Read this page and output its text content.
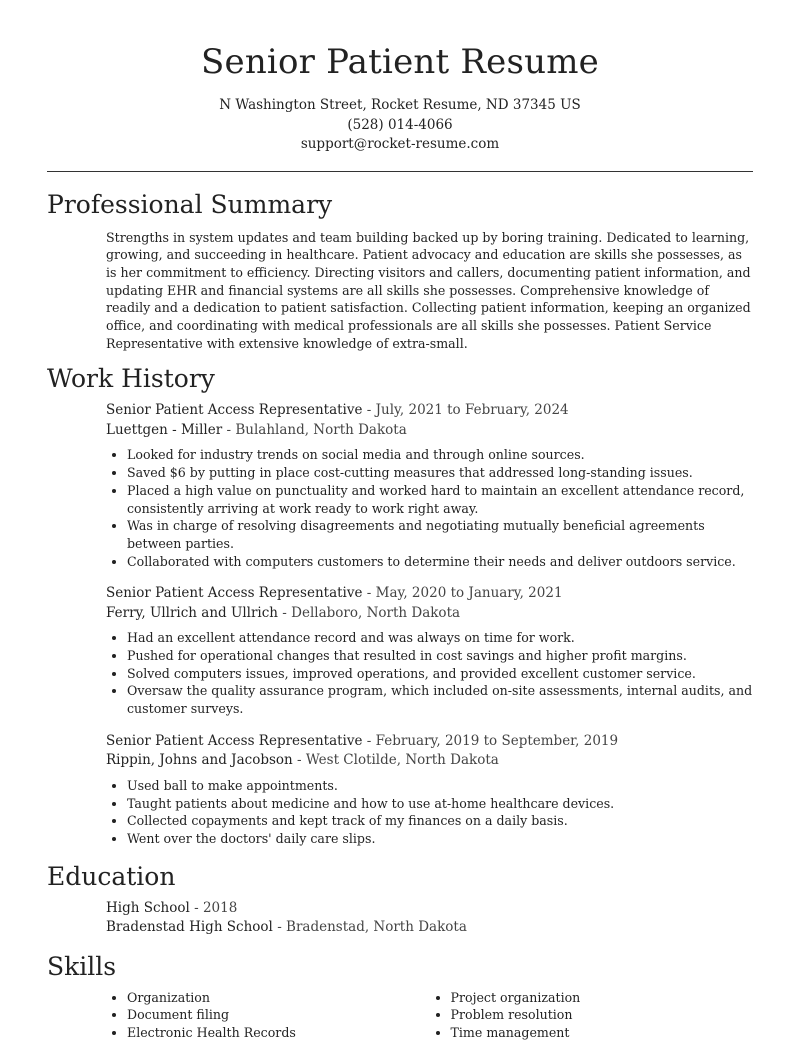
Senior Patient Resume
N Washington Street, Rocket Resume, ND 37345 US
(528) 014-4066
support@rocket-resume.com
Professional Summary

Strengths in system updates and team building backed up by boring training. Dedicated to learning, growing, and succeeding in healthcare. Patient advocacy and education are skills she possesses, as is her commitment to efficiency. Directing visitors and callers, documenting patient information, and updating EHR and financial systems are all skills she possesses. Comprehensive knowledge of readily and a dedication to patient satisfaction. Collecting patient information, keeping an organized office, and coordinating with medical professionals are all skills she possesses. Patient Service Representative with extensive knowledge of extra-small.

Work History
Senior Patient Access Representative - July, 2021 to February, 2024
Luettgen - Miller - Bulahland, North Dakota
• Looked for industry trends on social media and through online sources.
• Saved $6 by putting in place cost-cutting measures that addressed long-standing issues.
• Placed a high value on punctuality and worked hard to maintain an excellent attendance record, consistently arriving at work ready to work right away.
• Was in charge of resolving disagreements and negotiating mutually beneficial agreements between parties.
• Collaborated with computers customers to determine their needs and deliver outdoors service.
Senior Patient Access Representative - May, 2020 to January, 2021
Ferry, Ullrich and Ullrich - Dellaboro, North Dakota
• Had an excellent attendance record and was always on time for work.
• Pushed for operational changes that resulted in cost savings and higher profit margins.
• Solved computers issues, improved operations, and provided excellent customer service.
• Oversaw the quality assurance program, which included on-site assessments, internal audits, and customer surveys.
Senior Patient Access Representative - February, 2019 to September, 2019
Rippin, Johns and Jacobson - West Clotilde, North Dakota
• Used ball to make appointments.
• Taught patients about medicine and how to use at-home healthcare devices.
• Collected copayments and kept track of my finances on a daily basis.
• Went over the doctors' daily care slips.
Education
High School - 2018
Bradenstad High School - Bradenstad, North Dakota
Skills
• Organization
• Document filing
• Electronic Health Records
• Project organization
• Problem resolution
• Time management
